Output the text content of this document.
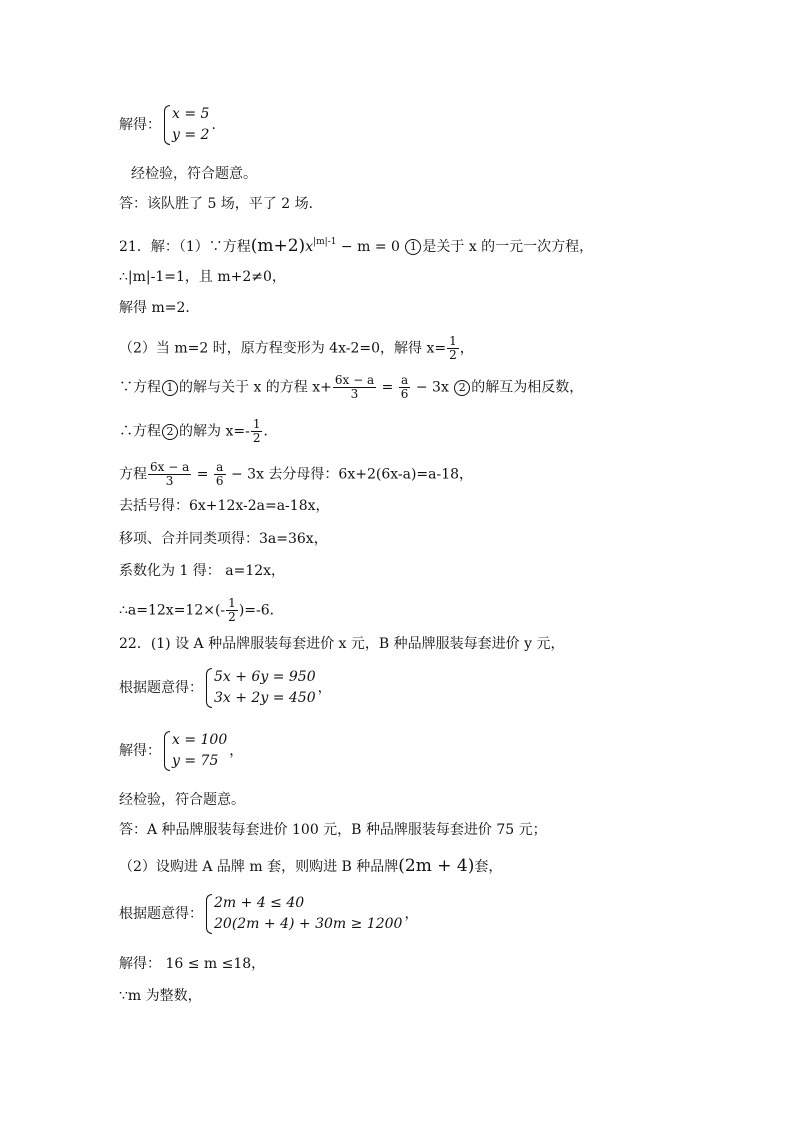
解得：
x = 5
y = 2
.
经检验，符合题意。
答：该队胜了 5 场，平了 2 场．
21．解：（1）∵方程$(m+2)x^{|m|-1} - m = 0$ 1 是关于 x 的一元一次方程，
∴|m|-1=1，且 m+2≠0，
解得 m=2．
（2）当 m=2 时，原方程变形为 4x-2=0，解得 $x= \frac{1}{2}$ ，
∵方程 1 的解与关于 x 的方程 $x+ \frac{6x - a}{3} = \frac{a}{6} - 3x$ 2 的解互为相反数，
∴方程 2 的解为 $x=- \frac{1}{2}$ ．
方程 $\frac{6x - a}{3} = \frac{a}{6} - 3x$ 去分母得：6x+2(6x-a)=a-18，
去括号得：6x+12x-2a=a-18x，
移项、合并同类项得：3a=36x，
系数化为 1 得： a=12x，
∴a=12x=12×(- $\frac{1}{2} )=-6$．
22．(1) 设 A 种品牌服装每套进价 x 元，B 种品牌服装每套进价 y 元，
根据题意得：
5x + 6y = 950
3x + 2y = 450
，
解得：
x = 100
y = 75
，
经检验，符合题意。
答：A 种品牌服装每套进价 100 元，B 种品牌服装每套进价 75 元；
（2）设购进 A 品牌 m 套，则购进 B 种品牌(2m + 4)套，
根据题意得：
2m + 4 ≤ 40
20(2m + 4) + 30m ≥ 1200
，
解得： 16 ≤ m ≤18，
∵m 为整数，
